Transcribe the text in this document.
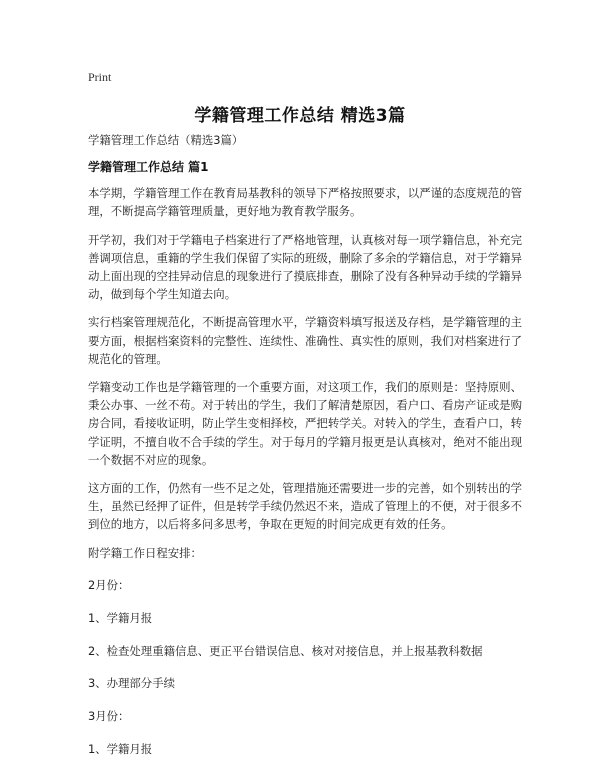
Print
学籍管理工作总结 精选3篇

学籍管理工作总结（精选3篇）

学籍管理工作总结 篇1

本学期，学籍管理工作在教育局基教科的领导下严格按照要求，以严谨的态度规范的管理，不断提高学籍管理质量，更好地为教育教学服务。

开学初，我们对于学籍电子档案进行了严格地管理，认真核对每一项学籍信息，补充完善调项信息，重籍的学生我们保留了实际的班级，删除了多余的学籍信息，对于学籍异动上面出现的空挂异动信息的现象进行了摸底排查，删除了没有各种异动手续的学籍异动，做到每个学生知道去向。

实行档案管理规范化，不断提高管理水平，学籍资料填写报送及存档，是学籍管理的主要方面，根据档案资料的完整性、连续性、准确性、真实性的原则，我们对档案进行了规范化的管理。

学籍变动工作也是学籍管理的一个重要方面，对这项工作，我们的原则是：坚持原则、秉公办事、一丝不苟。对于转出的学生，我们了解清楚原因，看户口、看房产证或是购房合同，看接收证明，防止学生变相择校，严把转学关。对转入的学生，查看户口，转学证明，不擅自收不合手续的学生。对于每月的学籍月报更是认真核对，绝对不能出现一个数据不对应的现象。

这方面的工作，仍然有一些不足之处，管理措施还需要进一步的完善，如个别转出的学生，虽然已经押了证件，但是转学手续仍然迟不来，造成了管理上的不便，对于很多不到位的地方，以后将多问多思考，争取在更短的时间完成更有效的任务。

附学籍工作日程安排：
2月份：
1、学籍月报
2、检查处理重籍信息、更正平台错误信息、核对对接信息，并上报基教科数据
3、办理部分手续
3月份：
1、学籍月报
